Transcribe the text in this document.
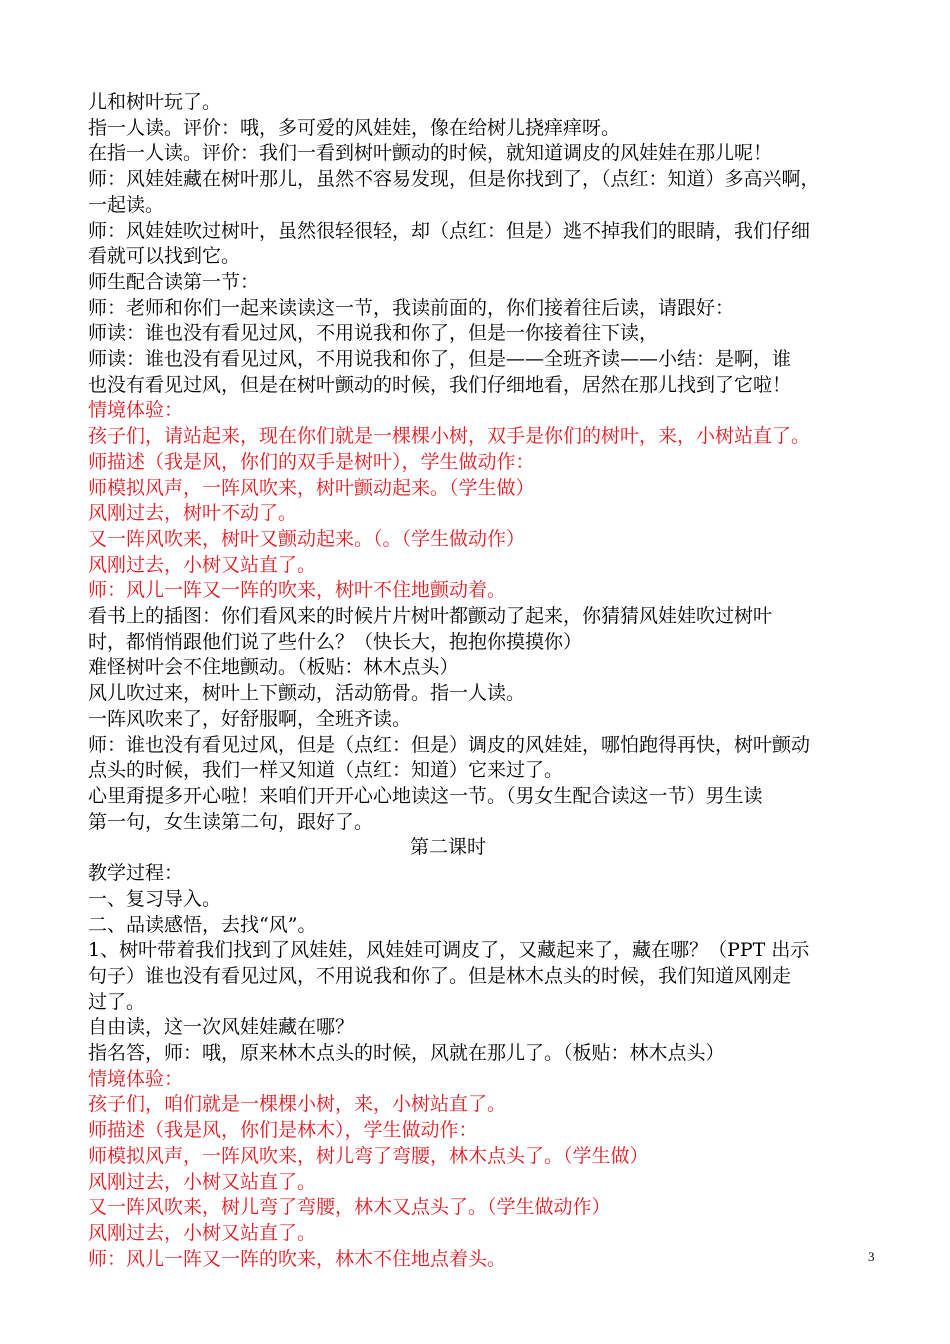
儿和树叶玩了。
指一人读。评价：哦，多可爱的风娃娃，像在给树儿挠痒痒呀。
在指一人读。评价：我们一看到树叶颤动的时候，就知道调皮的风娃娃在那儿呢！
师：风娃娃藏在树叶那儿，虽然不容易发现，但是你找到了，（点红：知道）多高兴啊，
一起读。
师：风娃娃吹过树叶，虽然很轻很轻，却（点红：但是）逃不掉我们的眼睛，我们仔细
看就可以找到它。
师生配合读第一节：
师：老师和你们一起来读读这一节，我读前面的，你们接着往后读，请跟好：
师读：谁也没有看见过风，不用说我和你了，但是一你接着往下读，
师读：谁也没有看见过风，不用说我和你了，但是——全班齐读——小结：是啊，谁
也没有看见过风，但是在树叶颤动的时候，我们仔细地看，居然在那儿找到了它啦！
情境体验：
孩子们，请站起来，现在你们就是一棵棵小树，双手是你们的树叶，来，小树站直了。
师描述（我是风，你们的双手是树叶），学生做动作：
师模拟风声，一阵风吹来，树叶颤动起来。（学生做）
风刚过去，树叶不动了。
又一阵风吹来，树叶又颤动起来。（。（学生做动作）
风刚过去，小树又站直了。
师：风儿一阵又一阵的吹来，树叶不住地颤动着。
看书上的插图：你们看风来的时候片片树叶都颤动了起来，你猜猜风娃娃吹过树叶
时，都悄悄跟他们说了些什么？（快长大，抱抱你摸摸你）
难怪树叶会不住地颤动。（板贴：林木点头）
风儿吹过来，树叶上下颤动，活动筋骨。指一人读。
一阵风吹来了，好舒服啊，全班齐读。
师：谁也没有看见过风，但是（点红：但是）调皮的风娃娃，哪怕跑得再快，树叶颤动
点头的时候，我们一样又知道（点红：知道）它来过了。
心里甭提多开心啦！来咱们开开心心地读这一节。（男女生配合读这一节）男生读
第一句，女生读第二句，跟好了。
第二课时
教学过程：
一、复习导入。
二、品读感悟，去找“风”。
1、树叶带着我们找到了风娃娃，风娃娃可调皮了，又藏起来了，藏在哪？（PPT 出示
句子）谁也没有看见过风，不用说我和你了。但是林木点头的时候，我们知道风刚走
过了。
自由读，这一次风娃娃藏在哪？
指名答，师：哦，原来林木点头的时候，风就在那儿了。（板贴：林木点头）
情境体验：
孩子们，咱们就是一棵棵小树，来，小树站直了。
师描述（我是风，你们是林木），学生做动作：
师模拟风声，一阵风吹来，树儿弯了弯腰，林木点头了。（学生做）
风刚过去，小树又站直了。
又一阵风吹来，树儿弯了弯腰，林木又点头了。（学生做动作）
风刚过去，小树又站直了。
师：风儿一阵又一阵的吹来，林木不住地点着头。	3
